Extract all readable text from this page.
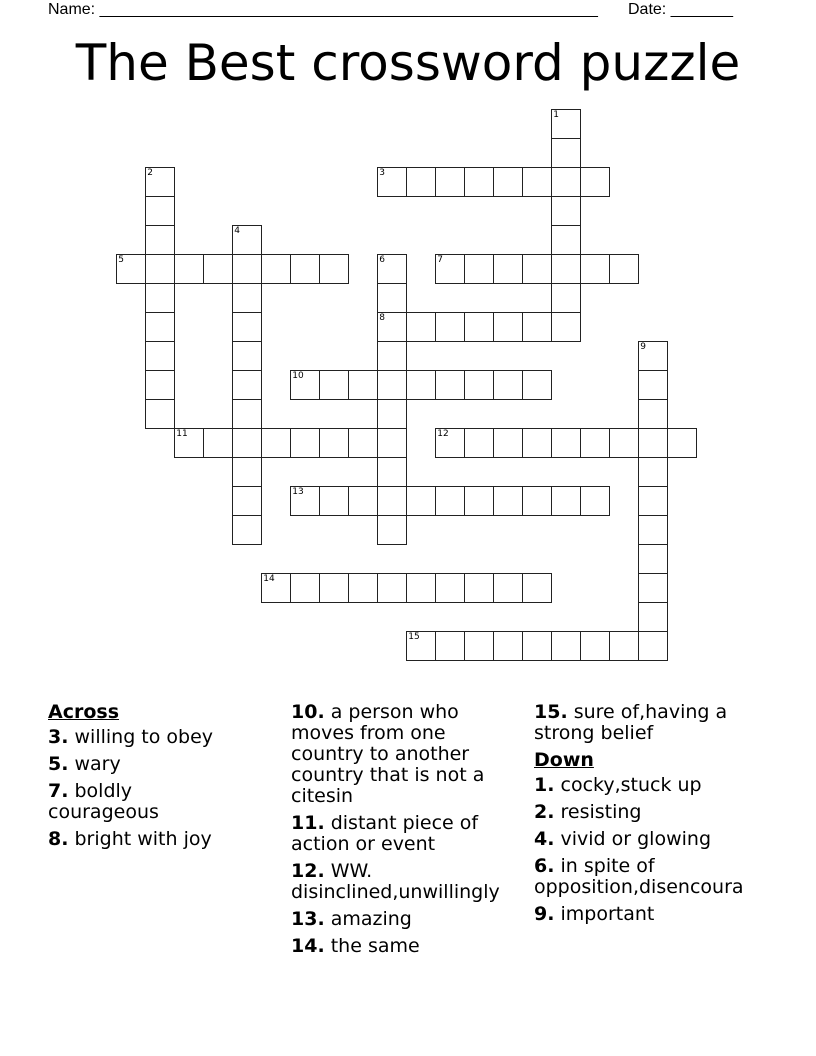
Name: ________________________________________________________ Date: _______
The Best crossword puzzle
1
2	3
4
5	6
8
7
9
10
11	12
13
14
15
Across
3. willing to obey
5. wary
7. boldly courageous
8. bright with joy
10. a person who moves from one country to another country that is not a citesin
11. distant piece of action or event
12. WW. disinclined,unwillingly
13. amazing
14. the same
15. sure of,having a strong belief
Down
1. cocky,stuck up
2. resisting
4. vivid or glowing
6. in spite of
opposition,disencoura
9. important
